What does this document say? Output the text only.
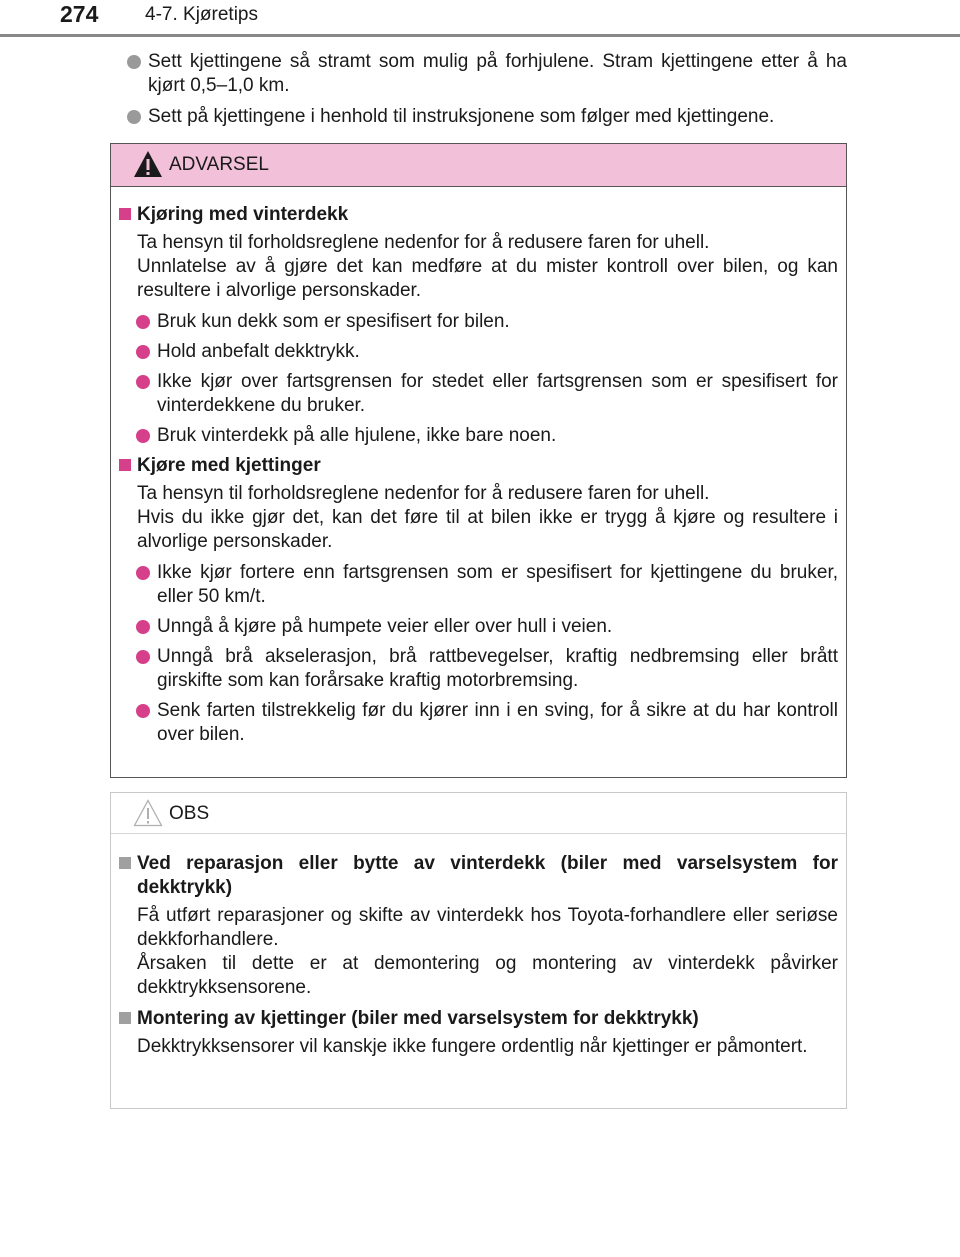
274 4-7. Kjøretips
Sett kjettingene så stramt som mulig på forhjulene. Stram kjettingene etter å ha kjørt 0,5–1,0 km.
Sett på kjettingene i henhold til instruksjonene som følger med kjettingene.
ADVARSEL
Kjøring med vinterdekk
Ta hensyn til forholdsreglene nedenfor for å redusere faren for uhell.
Unnlatelse av å gjøre det kan medføre at du mister kontroll over bilen, og kan resultere i alvorlige personskader.
Bruk kun dekk som er spesifisert for bilen.
Hold anbefalt dekktrykk.
Ikke kjør over fartsgrensen for stedet eller fartsgrensen som er spesifisert for vinterdekkene du bruker.
Bruk vinterdekk på alle hjulene, ikke bare noen.
Kjøre med kjettinger
Ta hensyn til forholdsreglene nedenfor for å redusere faren for uhell.
Hvis du ikke gjør det, kan det føre til at bilen ikke er trygg å kjøre og resultere i alvorlige personskader.
Ikke kjør fortere enn fartsgrensen som er spesifisert for kjettingene du bruker, eller 50 km/t.
Unngå å kjøre på humpete veier eller over hull i veien.
Unngå brå akselerasjon, brå rattbevegelser, kraftig nedbremsing eller brått girskifte som kan forårsake kraftig motorbremsing.
Senk farten tilstrekkelig før du kjører inn i en sving, for å sikre at du har kontroll over bilen.
OBS
Ved reparasjon eller bytte av vinterdekk (biler med varselsystem for dekktrykk)
Få utført reparasjoner og skifte av vinterdekk hos Toyota-forhandlere eller seriøse dekkforhandlere.
Årsaken til dette er at demontering og montering av vinterdekk påvirker dekktrykksensorene.
Montering av kjettinger (biler med varselsystem for dekktrykk)
Dekktrykksensorer vil kanskje ikke fungere ordentlig når kjettinger er påmontert.
